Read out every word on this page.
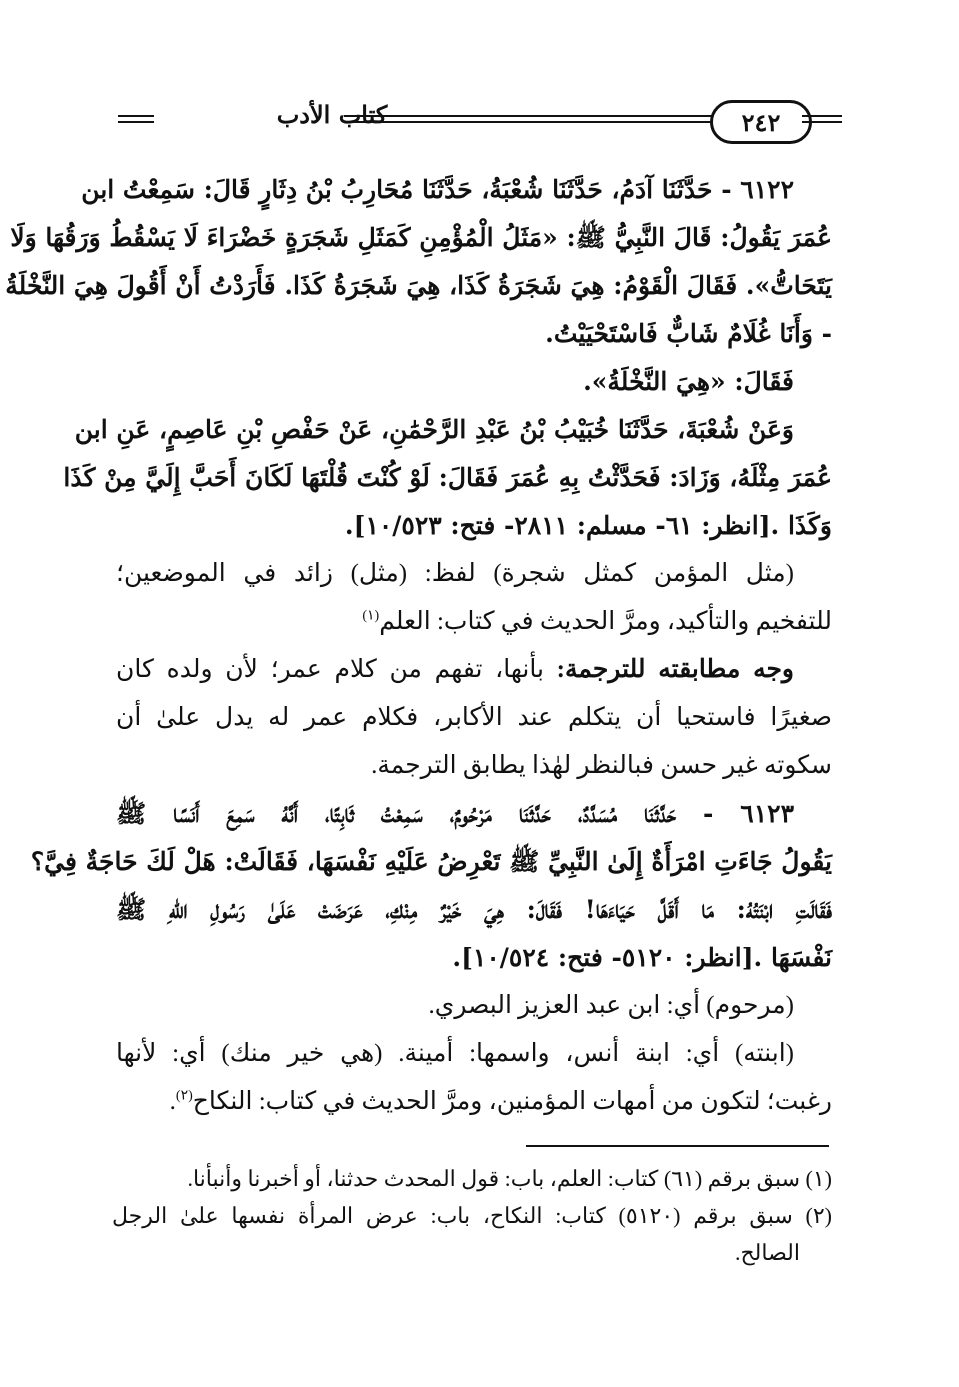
كتاب الأدب	٢٤٢
٦١٢٢ - حَدَّثَنَا آدَمُ، حَدَّثَنَا شُعْبَةُ، حَدَّثَنَا مُحَارِبُ بْنُ دِثَارٍ قَالَ: سَمِعْتُ ابن
عُمَرَ يَقُولُ: قَالَ النَّبِيُّ ﷺ: «مَثَلُ الْمُؤْمِنِ كَمَثَلِ شَجَرَةٍ خَضْرَاءَ لَا يَسْقُطُ وَرَقُهَا وَلَا
يَتَحَاتُّ». فَقَالَ الْقَوْمُ: هِيَ شَجَرَةُ كَذَا، هِيَ شَجَرَةُ كَذَا. فَأَرَدْتُ أَنْ أَقُولَ هِيَ النَّخْلَةُ
- وَأَنَا غُلَامٌ شَابٌّ فَاسْتَحْيَيْتُ.
فَقَالَ: «هِيَ النَّخْلَةُ».
وَعَنْ شُعْبَةَ، حَدَّثَنَا خُبَيْبُ بْنُ عَبْدِ الرَّحْمَٰنِ، عَنْ حَفْصِ بْنِ عَاصِمٍ، عَنِ ابن
عُمَرَ مِثْلَهُ، وَزَادَ: فَحَدَّثْتُ بِهِ عُمَرَ فَقَالَ: لَوْ كُنْتَ قُلْتَهَا لَكَانَ أَحَبَّ إِلَيَّ مِنْ كَذَا
وَكَذَا .[انظر: ٦١- مسلم: ٢٨١١- فتح: ١٠/٥٢٣].
(مثل المؤمن كمثل شجرة) لفظ: (مثل) زائد في الموضعين؛
للتفخيم والتأكيد، ومرَّ الحديث في كتاب: العلم$^{(١)}$
وجه مطابقته للترجمة: بأنها، تفهم من كلام عمر؛ لأن ولده كان
صغيرًا فاستحيا أن يتكلم عند الأكابر، فكلام عمر له يدل علىٰ أن
سكوته غير حسن فبالنظر لهٰذا يطابق الترجمة.
٦١٢٣ - حَدَّثَنَا مُسَدَّدٌ، حَدَّثَنَا مَرْحُومٌ، سَمِعْتُ ثَابِتًا، أَنَّهُ سَمِعَ أَنَسًا ﷺ
يَقُولُ جَاءَتِ امْرَأَةٌ إِلَىٰ النَّبِيِّ ﷺ تَعْرِضُ عَلَيْهِ نَفْسَهَا، فَقَالَتْ: هَلْ لَكَ حَاجَةٌ فِيَّ؟
فَقَالَتِ ابْنَتُهُ: مَا أَقَلَّ حَيَاءَهَا! فَقَالَ: هِيَ خَيْرٌ مِنْكِ، عَرَضَتْ عَلَىٰ رَسُولِ اللهِ ﷺ
نَفْسَهَا .[انظر: ٥١٢٠- فتح: ١٠/٥٢٤].
(مرحوم) أي: ابن عبد العزيز البصري.
(ابنته) أي: ابنة أنس، واسمها: أمينة. (هي خير منك) أي: لأنها
رغبت؛ لتكون من أمهات المؤمنين، ومرَّ الحديث في كتاب: النكاح$^{(٢)}$.
(١) سبق برقم (٦١) كتاب: العلم، باب: قول المحدث حدثنا، أو أخبرنا وأنبأنا.
(٢) سبق برقم (٥١٢٠) كتاب: النكاح، باب: عرض المرأة نفسها علىٰ الرجل
الصالح.
